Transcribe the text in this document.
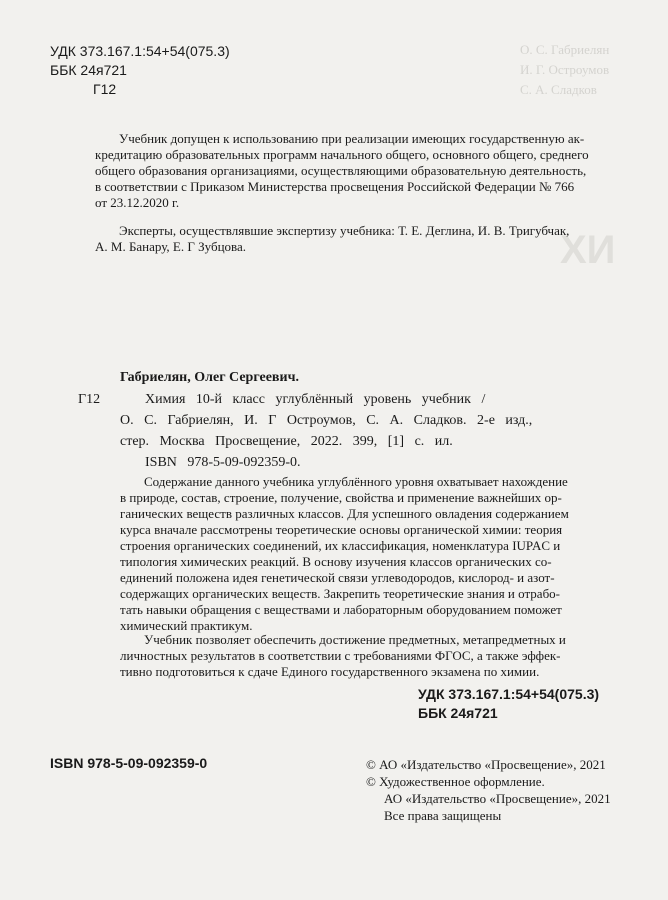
О. С. Габриелян
И. Г. Остроумов
С. А. Сладков
ХИ
УДК 373.167.1:54+54(075.3)
ББК 24я721
Г12
Учебник допущен к использованию при реализации имеющих государственную ак-
кредитацию образовательных программ начального общего, основного общего, среднего
общего образования организациями, осуществляющими образовательную деятельность,
в соответствии с Приказом Министерства просвещения Российской Федерации № 766
от 23.12.2020 г.
Эксперты, осуществлявшие экспертизу учебника: Т. Е. Деглина, И. В. Тригубчак,
А. М. Банару, Е. Г Зубцова.
Габриелян, Олег Сергеевич.
Г12	Химия 10-й класс углублённый уровень учебник /
О. С. Габриелян, И. Г Остроумов, С. А. Сладков. 2-е изд.,
стер. Москва Просвещение, 2022. 399, [1] с. ил.
ISBN 978-5-09-092359-0.
Содержание данного учебника углублённого уровня охватывает нахождение
в природе, состав, строение, получение, свойства и применение важнейших ор-
ганических веществ различных классов. Для успешного овладения содержанием
курса вначале рассмотрены теоретические основы органической химии: теория
строения органических соединений, их классификация, номенклатура IUPAC и
типология химических реакций. В основу изучения классов органических со-
единений положена идея генетической связи углеводородов, кислород- и азот-
содержащих органических веществ. Закрепить теоретические знания и отрабо-
тать навыки обращения с веществами и лабораторным оборудованием поможет
химический практикум.
Учебник позволяет обеспечить достижение предметных, метапредметных и
личностных результатов в соответствии с требованиями ФГОС, а также эффек-
тивно подготовиться к сдаче Единого государственного экзамена по химии.
УДК 373.167.1:54+54(075.3)
ББК 24я721
ISBN 978-5-09-092359-0	© АО «Издательство «Просвещение», 2021
© Художественное оформление.
АО «Издательство «Просвещение», 2021
Все права защищены
